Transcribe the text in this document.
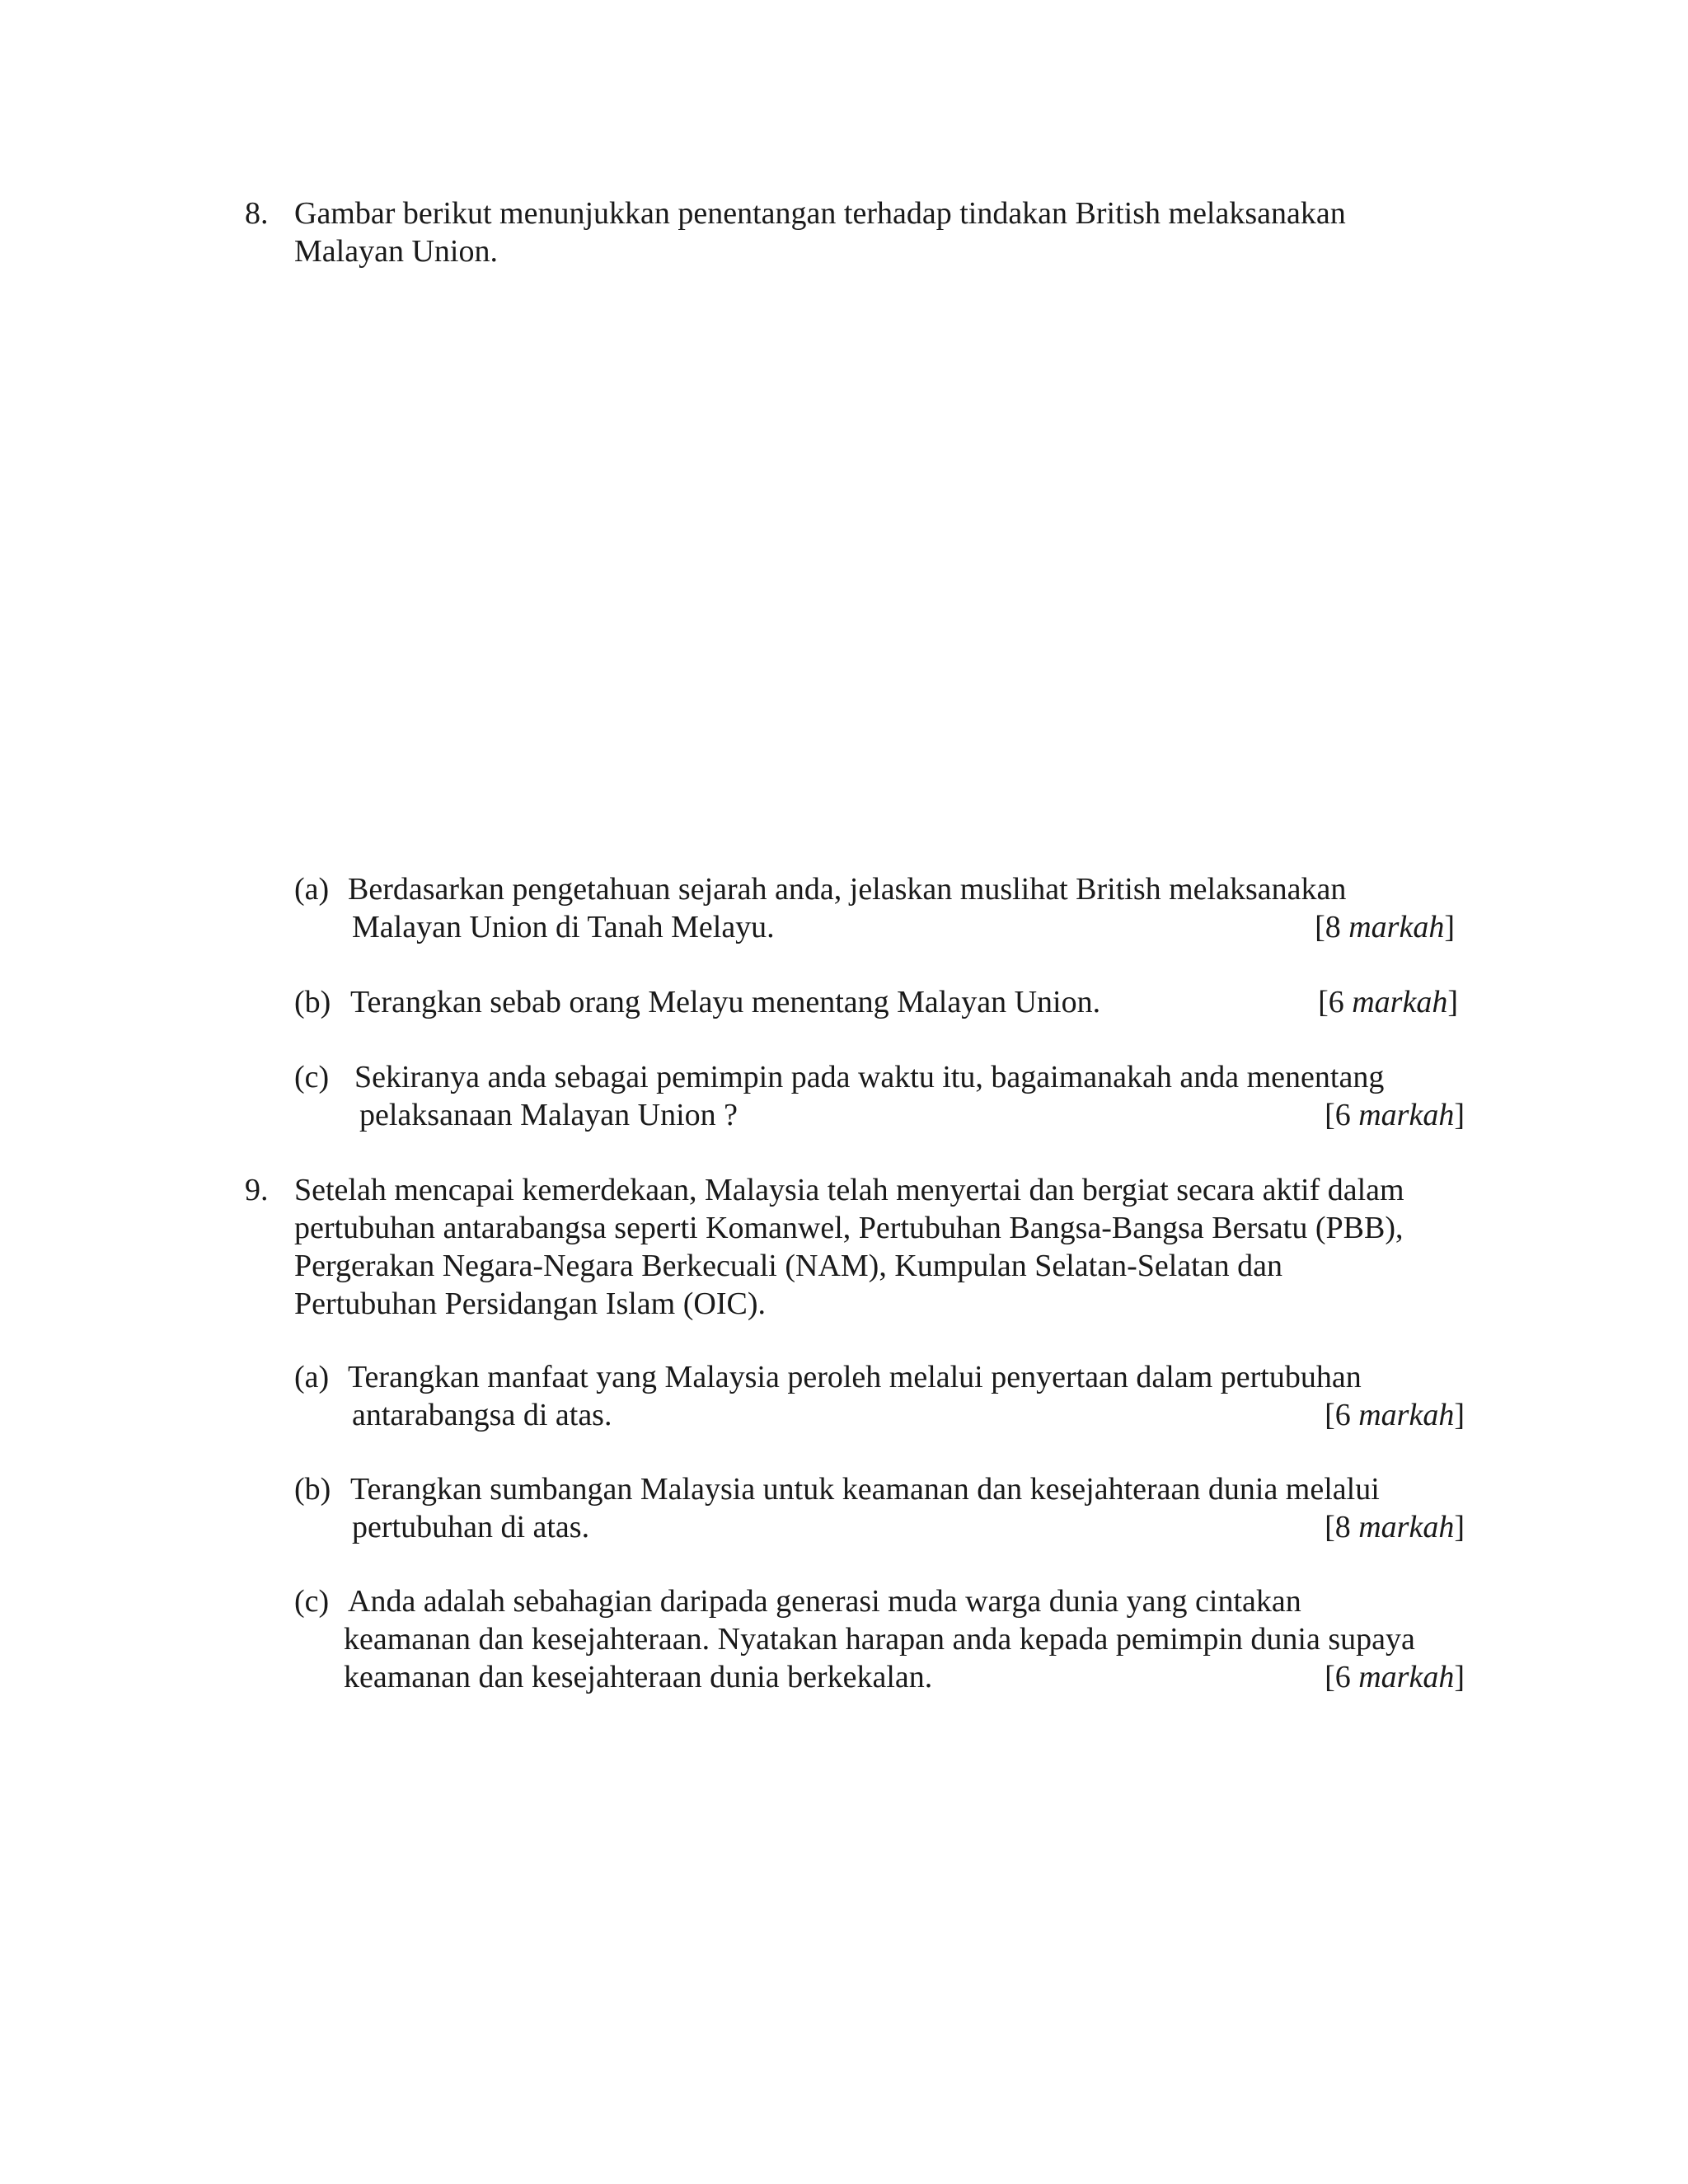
8. Gambar berikut menunjukkan penentangan terhadap tindakan British melaksanakan
Malayan Union.
(a) Berdasarkan pengetahuan sejarah anda, jelaskan muslihat British melaksanakan
Malayan Union di Tanah Melayu.	[8 markah]
(b) Terangkan sebab orang Melayu menentang Malayan Union.	[6 markah]
(c) Sekiranya anda sebagai pemimpin pada waktu itu, bagaimanakah anda menentang
pelaksanaan Malayan Union ?	[6 markah]
9. Setelah mencapai kemerdekaan, Malaysia telah menyertai dan bergiat secara aktif dalam
pertubuhan antarabangsa seperti Komanwel, Pertubuhan Bangsa-Bangsa Bersatu (PBB),
Pergerakan Negara-Negara Berkecuali (NAM), Kumpulan Selatan-Selatan dan
Pertubuhan Persidangan Islam (OIC).
(a) Terangkan manfaat yang Malaysia peroleh melalui penyertaan dalam pertubuhan
antarabangsa di atas.	[6 markah]
(b) Terangkan sumbangan Malaysia untuk keamanan dan kesejahteraan dunia melalui
pertubuhan di atas.	[8 markah]
(c) Anda adalah sebahagian daripada generasi muda warga dunia yang cintakan
keamanan dan kesejahteraan. Nyatakan harapan anda kepada pemimpin dunia supaya
keamanan dan kesejahteraan dunia berkekalan.	[6 markah]
